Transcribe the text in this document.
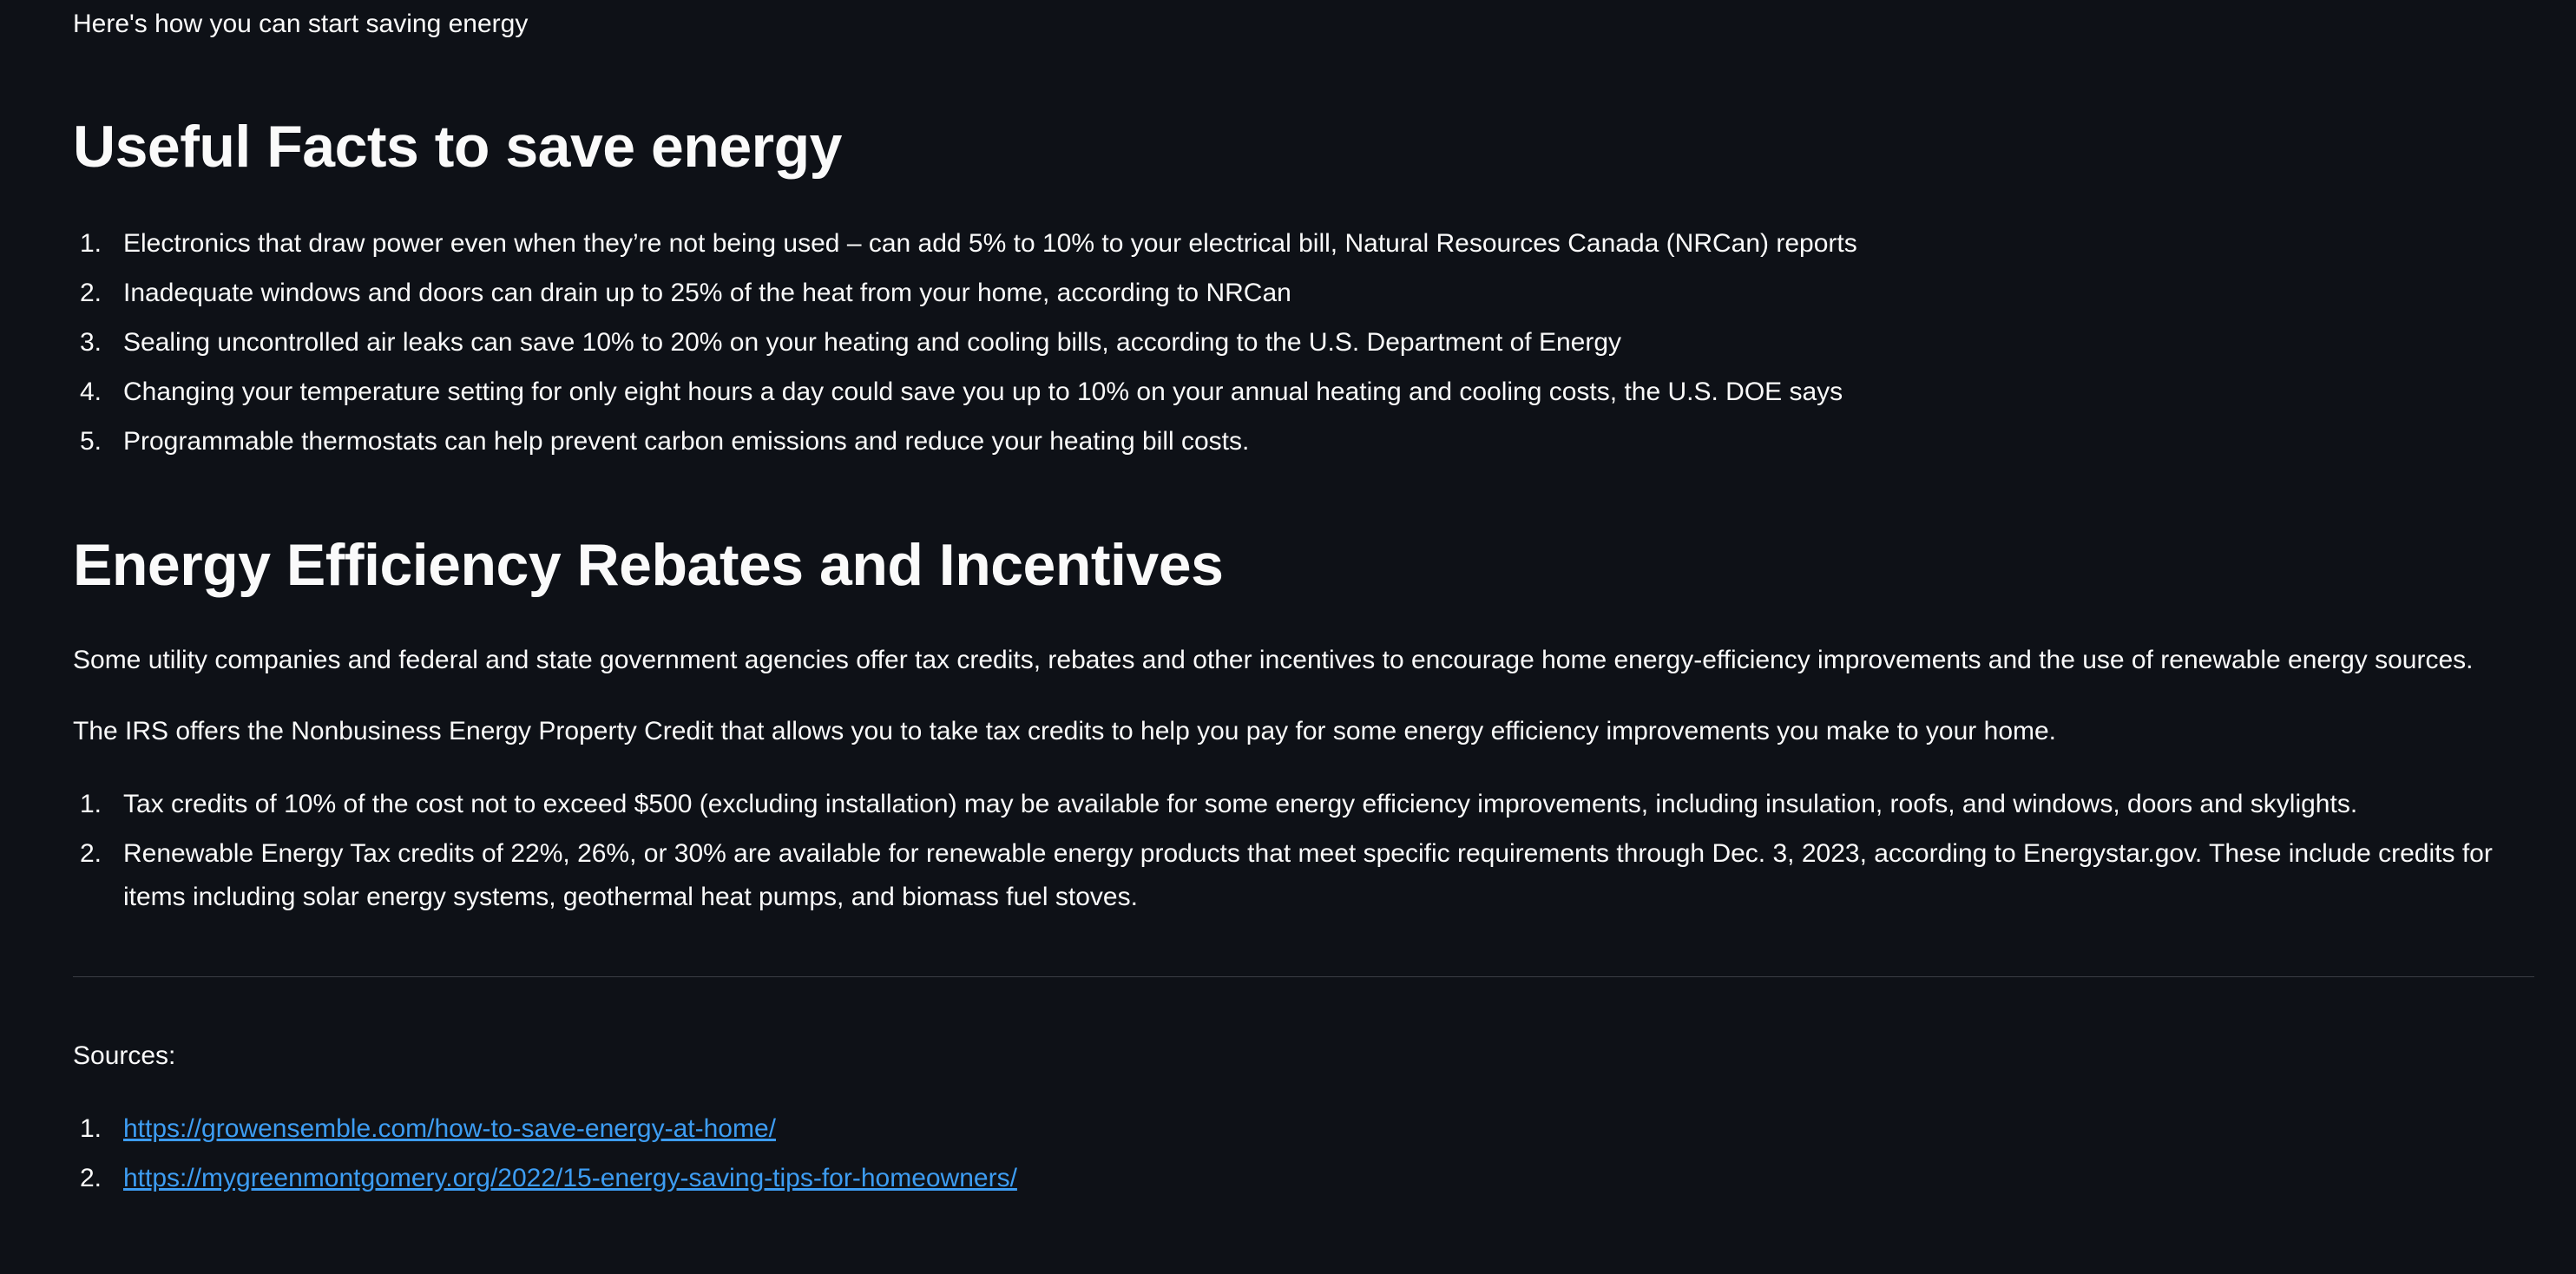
Here's how you can start saving energy

Useful Facts to save energy
1. Electronics that draw power even when they’re not being used – can add 5% to 10% to your electrical bill, Natural Resources Canada (NRCan) reports
2. Inadequate windows and doors can drain up to 25% of the heat from your home, according to NRCan
3. Sealing uncontrolled air leaks can save 10% to 20% on your heating and cooling bills, according to the U.S. Department of Energy
4. Changing your temperature setting for only eight hours a day could save you up to 10% on your annual heating and cooling costs, the U.S. DOE says
5. Programmable thermostats can help prevent carbon emissions and reduce your heating bill costs.
Energy Efficiency Rebates and Incentives

Some utility companies and federal and state government agencies offer tax credits, rebates and other incentives to encourage home energy-efficiency improvements and the use of renewable energy sources.

The IRS offers the Nonbusiness Energy Property Credit that allows you to take tax credits to help you pay for some energy efficiency improvements you make to your home.

1. Tax credits of 10% of the cost not to exceed $500 (excluding installation) may be available for some energy efficiency improvements, including insulation, roofs, and windows, doors and skylights.
2. Renewable Energy Tax credits of 22%, 26%, or 30% are available for renewable energy products that meet specific requirements through Dec. 3, 2023, according to Energystar.gov. These include credits for items including solar energy systems, geothermal heat pumps, and biomass fuel stoves.

Sources:

1. https://growensemble.com/how-to-save-energy-at-home/
2. https://mygreenmontgomery.org/2022/15-energy-saving-tips-for-homeowners/
